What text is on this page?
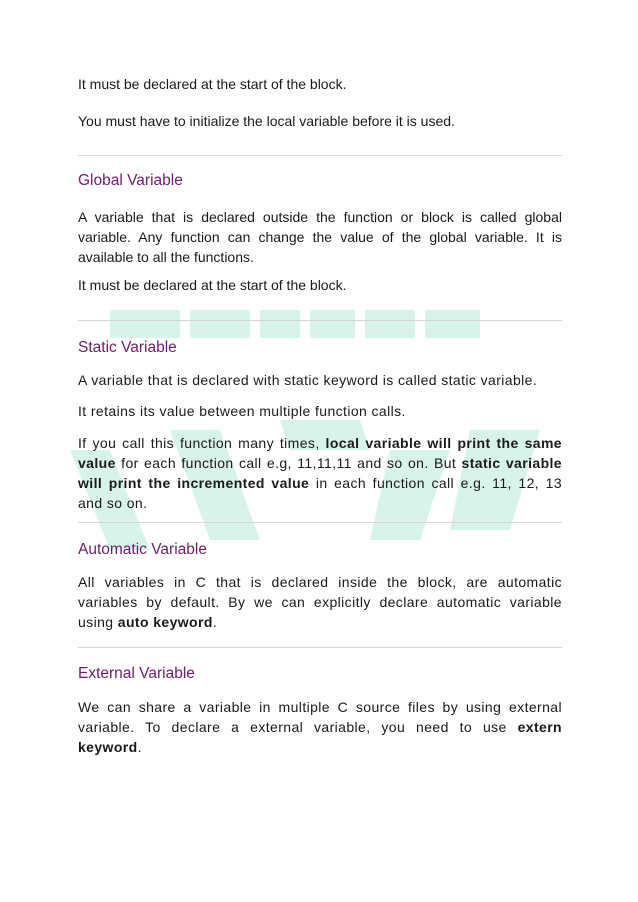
It must be declared at the start of the block.

You must have to initialize the local variable before it is used.

Global Variable

A variable that is declared outside the function or block is called global variable. Any function can change the value of the global variable. It is available to all the functions.

It must be declared at the start of the block.

Static Variable

A variable that is declared with static keyword is called static variable.

It retains its value between multiple function calls.

If you call this function many times, local variable will print the same value for each function call e.g, 11,11,11 and so on. But static variable will print the incremented value in each function call e.g. 11, 12, 13 and so on.

Automatic Variable

All variables in C that is declared inside the block, are automatic variables by default. By we can explicitly declare automatic variable using auto keyword.

External Variable

We can share a variable in multiple C source files by using external variable. To declare a external variable, you need to use extern keyword.
